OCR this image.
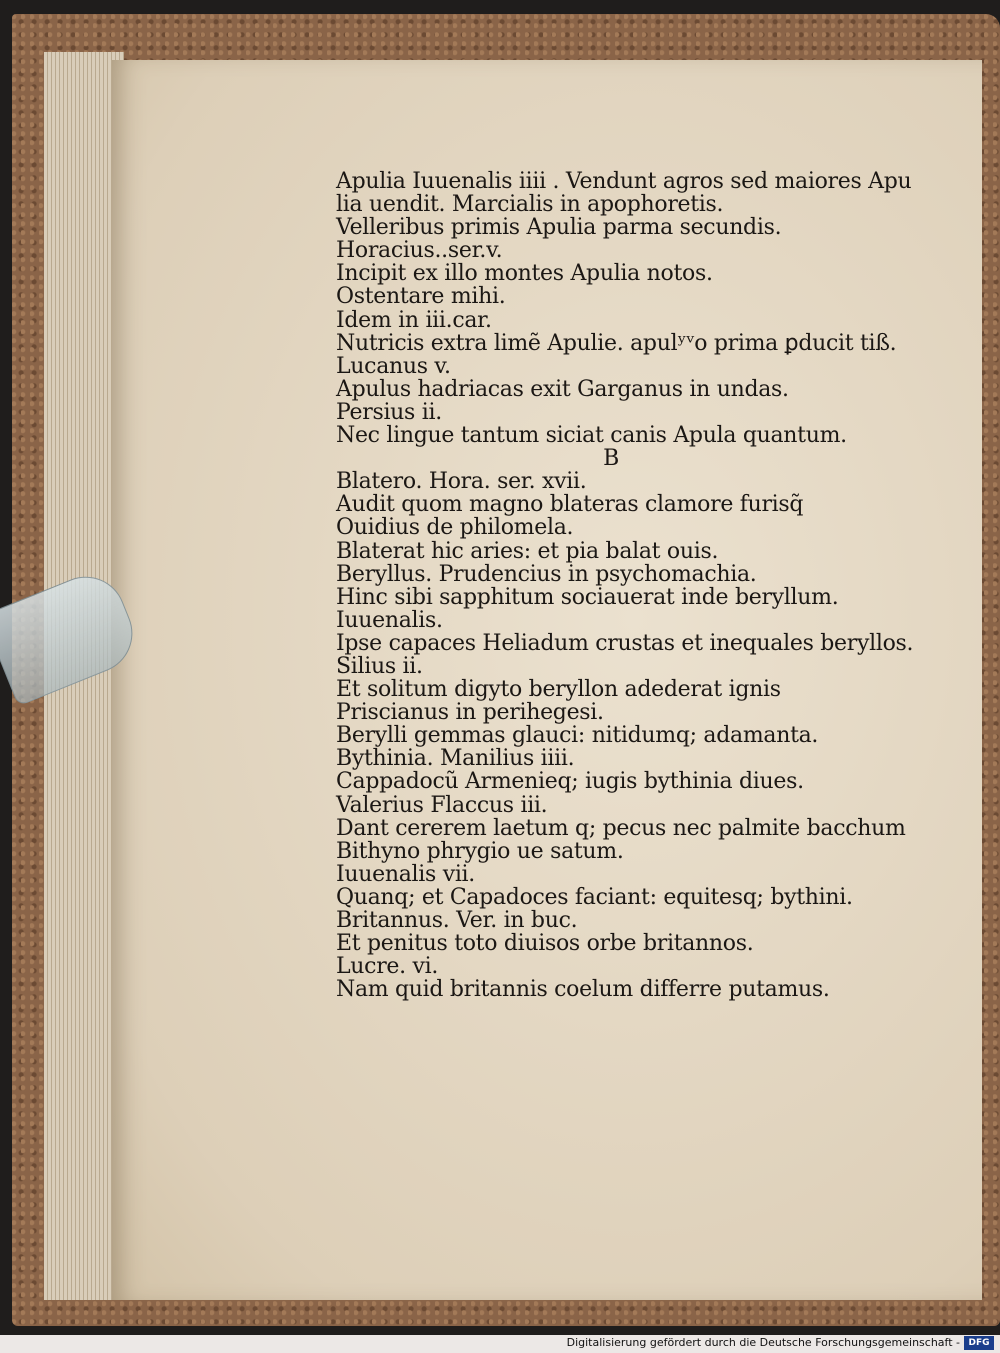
Apulia Iuuenalis iiii . Vendunt agros sed maiores Apu
lia uendit. Marcialis in apophoretis.
Velleribus primis Apulia parma secundis.
Horacius..ser.v.
Incipit ex illo montes Apulia notos.
Ostentare mihi.
Idem in iii.car.
Nutricis extra limẽ Apulie. apulʸᵛo prima ꝑducit tiß.
Lucanus v.
Apulus hadriacas exit Garganus in undas.
Persius ii.
Nec lingue tantum siciat canis Apula quantum.
B
Blatero. Hora. ser. xvii.
Audit quom magno blateras clamore furisq̃
Ouidius de philomela.
Blaterat hic aries: et pia balat ouis.
Beryllus. Prudencius in psychomachia.
Hinc sibi sapphitum sociauerat inde beryllum.
Iuuenalis.
Ipse capaces Heliadum crustas et inequales beryllos.
Silius ii.
Et solitum digyto beryllon adederat ignis
Priscianus in perihegesi.
Berylli gemmas glauci: nitidumq; adamanta.
Bythinia. Manilius iiii.
Cappadocũ Armenieq; iugis bythinia diues.
Valerius Flaccus iii.
Dant cererem laetum q; pecus nec palmite bacchum
Bithyno phrygio ue satum.
Iuuenalis vii.
Quanq; et Capadoces faciant: equitesq; bythini.
Britannus. Ver. in buc.
Et penitus toto diuisos orbe britannos.
Lucre. vi.
Nam quid britannis coelum differre putamus.
Digitalisierung gefördert durch die Deutsche Forschungsgemeinschaft - DFG
